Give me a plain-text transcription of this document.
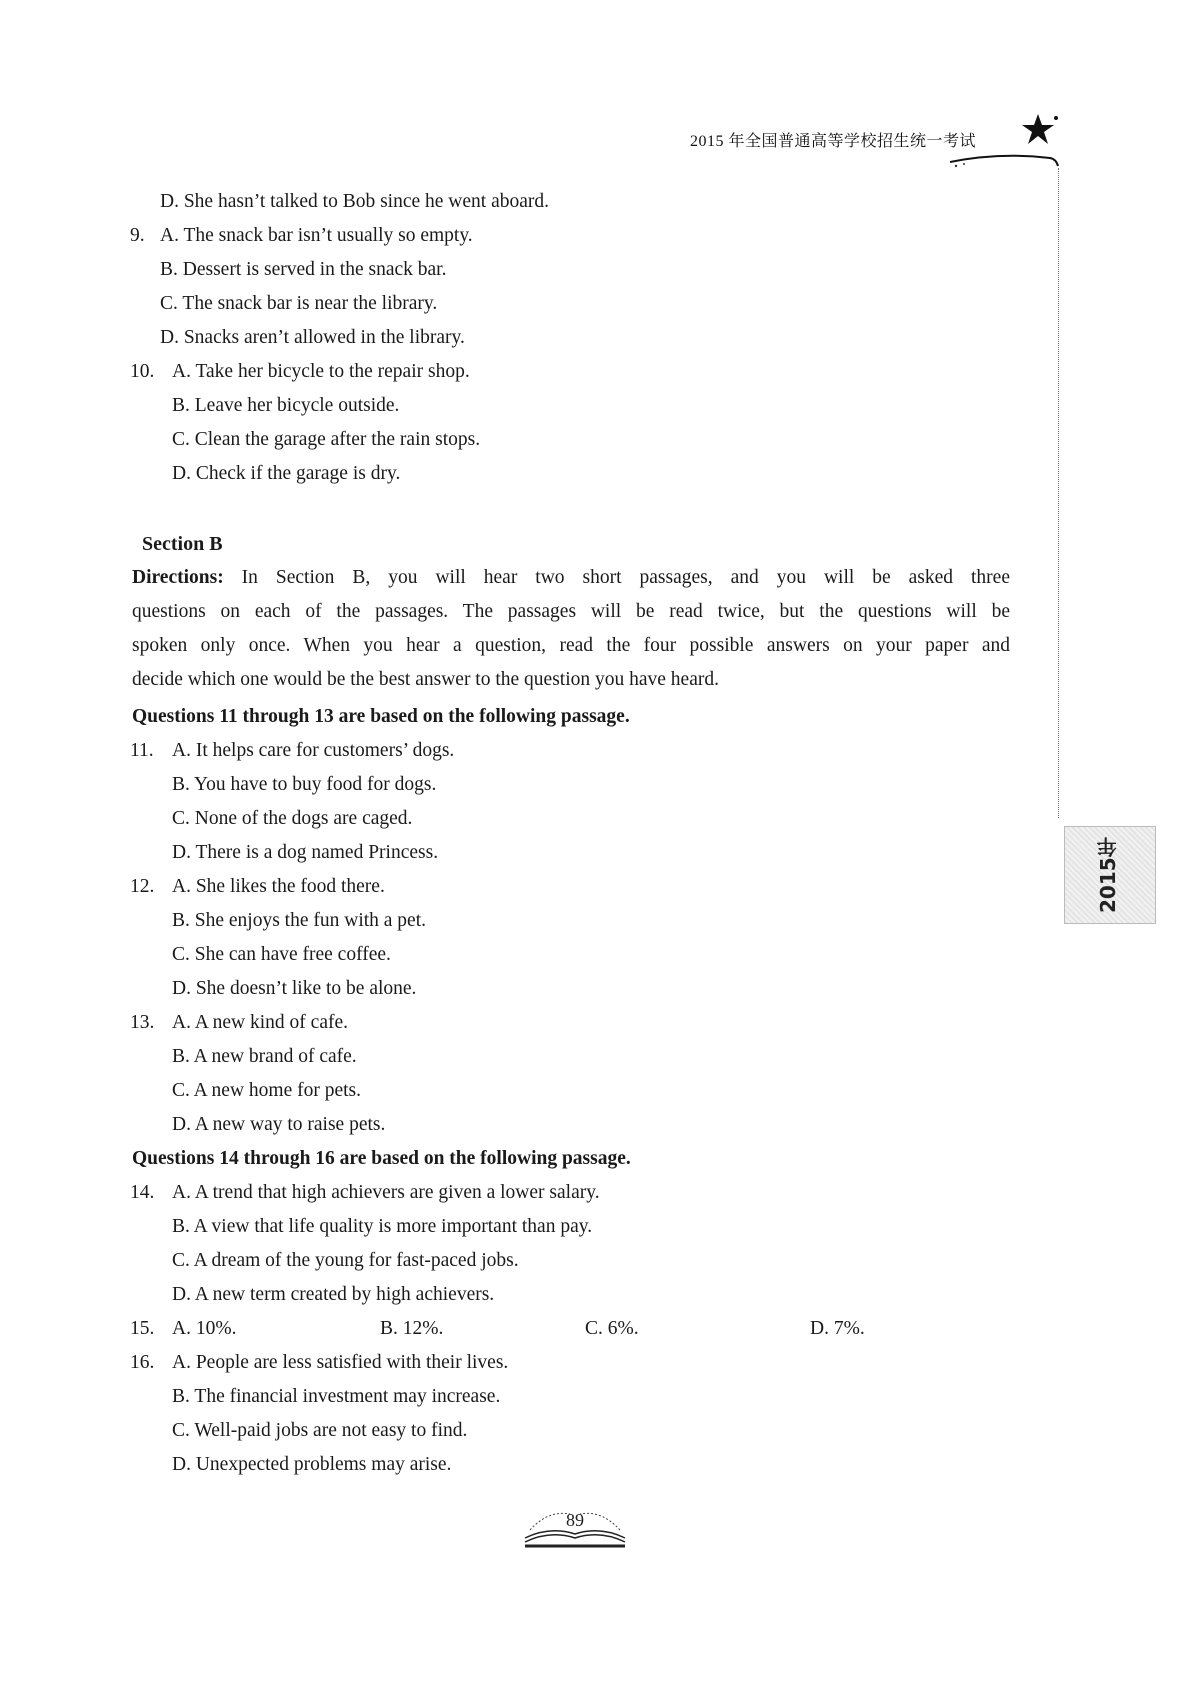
2015 年全国普通高等学校招生统一考试
2015年
D. She hasn’t talked to Bob since he went aboard.
9. A. The snack bar isn’t usually so empty.
B. Dessert is served in the snack bar.
C. The snack bar is near the library.
D. Snacks aren’t allowed in the library.
10. A. Take her bicycle to the repair shop.
B. Leave her bicycle outside.
C. Clean the garage after the rain stops.
D. Check if the garage is dry.
Section B
Directions: In Section B, you will hear two short passages, and you will be asked three
questions on each of the passages. The passages will be read twice, but the questions will be
spoken only once. When you hear a question, read the four possible answers on your paper and
decide which one would be the best answer to the question you have heard.
Questions 11 through 13 are based on the following passage.
11. A. It helps care for customers’ dogs.
B. You have to buy food for dogs.
C. None of the dogs are caged.
D. There is a dog named Princess.
12. A. She likes the food there.
B. She enjoys the fun with a pet.
C. She can have free coffee.
D. She doesn’t like to be alone.
13. A. A new kind of cafe.
B. A new brand of cafe.
C. A new home for pets.
D. A new way to raise pets.
Questions 14 through 16 are based on the following passage.
14. A. A trend that high achievers are given a lower salary.
B. A view that life quality is more important than pay.
C. A dream of the young for fast-paced jobs.
D. A new term created by high achievers.
15. A. 10%.	B. 12%.	C. 6%.	D. 7%.
16. A. People are less satisfied with their lives.
B. The financial investment may increase.
C. Well-paid jobs are not easy to find.
D. Unexpected problems may arise.
89
